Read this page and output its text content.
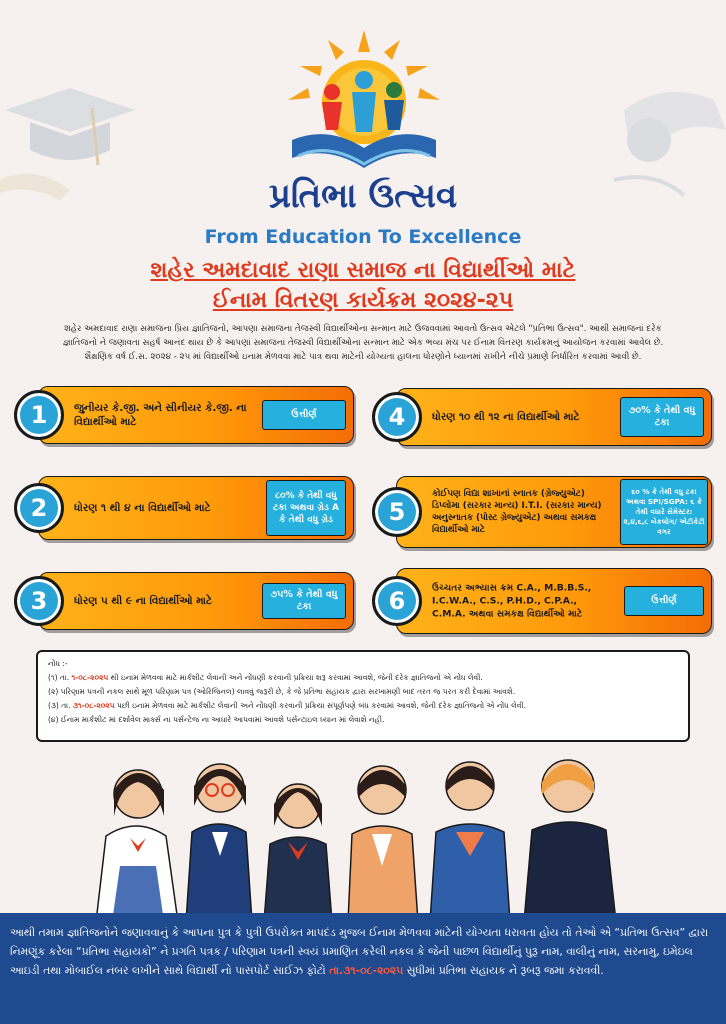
પ્રતિભા ઉત્સવ
From Education To Excellence
શહેર અમદાવાદ રાણા સમાજ ના વિદ્યાર્થીઓ માટે
ઈનામ વિતરણ કાર્યક્રમ ૨૦૨૪-૨૫
શહેર અમદાવાદ રાણા સમાજના પ્રિય જ્ઞાતિજનો, આપણા સમાજના તેજસ્વી વિદ્યાર્થીઓના સન્માન માટે ઉજવવામાં આવતો ઉત્સવ એટલે "પ્રતિભા ઉત્સવ". આથી સમાજનાં દરેક જ્ઞાતિજનો ને જણાવતા સહર્ષ આનંદ થાય છે કે આપણાં સમાજનાં તેજસ્વી વિદ્યાર્થીઓના સન્માન માટે એક ભવ્ય મંચ પર ઈનામ વિતરણ કાર્યક્રમનું આયોજન કરવામાં આવેલ છે. શૈક્ષણિક વર્ષ ઈ.સ. ૨૦૨૪ - ૨૫ માં વિદ્યાર્થીઓ ઇનામ મેળવવા માટે પાત્ર થવા માટેની યોગ્યતા હાલના ધોરણોને ધ્યાનમાં રાખીને નીચે પ્રમાણે નિર્ધારિત કરવામાં આવી છે.
1	જુનીયર કે.જી. અને સીનીયર કે.જી. ના વિદ્યાર્થીઓ માટે
ઉત્તીર્ણ
2	ધોરણ ૧ થી ૪ ના વિદ્યાર્થીઓ માટે
૮૦% કે તેથી વધુ ટકા અથવા ગ્રેડ A કે તેથી વધુ ગ્રેડ
3	ધોરણ ૫ થી ૯ ના વિદ્યાર્થીઓ માટે
૭૫% કે તેથી વધુ ટકા
4	ધોરણ ૧૦ થી ૧૨ ના વિદ્યાર્થીઓ માટે
૭૦% કે તેથી વધુ ટકા
5
કોઈપણ વિદ્યા શાખાનાં સ્નાતક (ગ્રેજ્યુએટ) ડિપ્લોમા (સરકાર માન્ય) I.T.I. (સરકાર માન્ય) અનુસ્નાતક (પોસ્ટ ગ્રેજ્યુએટ) અથવા સમકક્ષ વિદ્યાર્થીઓ માટે
૬૦ % કે તેથી વધુ ટકા અથવા SPI/SGPA: ૬ કે તેથી વધારે સેમેસ્ટર: ૨,૪,૬,૮ બેકલોગ/ એટીકેટી વગર
6	ઉચ્ચતર અભ્યાસ ક્રમ C.A., M.B.B.S., I.C.W.A., C.S., P.H.D., C.P.A., C.M.A. અથવા સમકક્ષ વિદ્યાર્થીઓ માટે
ઉત્તીર્ણ
નોંધ :-
(૧) તા. ૧-૦૮-૨૦૨૫ થી ઇનામ મેળવવા માટે માર્કશીટ લેવાની અને નોંધણી કરવાની પ્રક્રિયા શરૂ કરવામાં આવશે, જેની દરેક જ્ઞાતિજનો એ નોંધ લેવી.
(૨) પરિણામ પત્રની નકલ સાથે મૂળ પરિણામ પત્ર (ઓરિજિનલ) લાવવું જરૂરી છે, કે જે પ્રતિભા સહાયક દ્વારા સરખામણી બાદ તરત જ પરત કરી દેવામાં આવશે.
(૩) તા. ૩૧-૦૮-૨૦૨૫ પછી ઇનામ મેળવવા માટે માર્કશીટ લેવાની અને નોંધણી કરવાની પ્રક્રિયા સંપૂર્ણપણે બંધ કરવામાં આવશે, જેની દરેક જ્ઞાતિજનો એ નોંધ લેવી.
(૪) ઈનામ માર્કશીટ માં દર્શાવેલ માર્ક્સ ના પર્સન્ટેજ ના આધારે આપવામાં આવશે પર્સન્ટાઇલ ધ્યાન માં લેવાશે નહી.
આથી તમામ જ્ઞાતિજનોને જણાવવાનું કે આપના પુત્ર કે પુત્રી ઉપરોક્ત માપદંડ મુજબ ઈનામ મેળવવા માટેની યોગ્યતા ધરાવતા હોય તો તેઓ એ “પ્રતિભા ઉત્સવ” દ્વારા નિમણૂંક કરેલા “પ્રતિભા સહાયકો” ને પ્રગતિ પત્રક / પરિણામ પત્રની સ્વયં પ્રમાણિત કરેલી નકલ કે જેની પાછળ વિદ્યાર્થીનું પુરૂ નામ, વાલીનું નામ, સરનામુ, ઇમેઇલ આઇડી તથા મોબાઈલ નંબર લખીને સાથે વિદ્યાર્થી નો પાસપોર્ટ સાઈઝ ફોટો તા.૩૧-૦૮-૨૦૨૫ સુધીમાં પ્રતિભા સહાયક ને રૂબરૂ જમા કરાવવી.
